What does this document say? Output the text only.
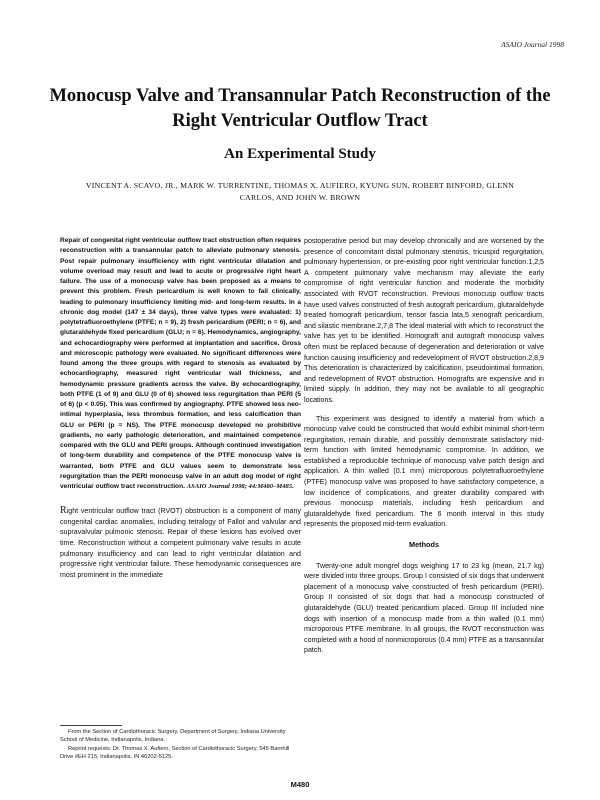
ASAIO Journal 1998
Monocusp Valve and Transannular Patch Reconstruction of the Right Ventricular Outflow Tract
An Experimental Study
VINCENT A. SCAVO, JR., MARK W. TURRENTINE, THOMAS X. AUFIERO, KYUNG SUN, ROBERT BINFORD, GLENN CARLOS, AND JOHN W. BROWN

Repair of congenital right ventricular outflow tract obstruction often requires reconstruction with a transannular patch to alleviate pulmonary stenosis. Post repair pulmonary insufficiency with right ventricular dilatation and volume overload may result and lead to acute or progressive right heart failure. The use of a monocusp valve has been proposed as a means to prevent this problem. Fresh pericardium is well known to fail clinically, leading to pulmonary insufficiency limiting mid- and long-term results. In a chronic dog model (147 ± 34 days), three valve types were evaluated: 1) polytetrafluoroethylene (PTFE; n = 9), 2) fresh pericardium (PERI; n = 6), and glutaraldehyde fixed pericardium (GLU; n = 6). Hemodynamics, angiography, and echocardiography were performed at implantation and sacrifice. Gross and microscopic pathology were evaluated. No significant differences were found among the three groups with regard to stenosis as evaluated by echocardiography, measured right ventricular wall thickness, and hemodynamic pressure gradients across the valve. By echocardiography, both PTFE (1 of 9) and GLU (0 of 6) showed less regurgitation than PERI (5 of 6) (p < 0.05). This was confirmed by angiography. PTFE showed less neo-intimal hyperplasia, less thrombus formation, and less calcification than GLU or PERI (p = NS). The PTFE monocusp developed no prohibitive gradients, no early pathologic deterioration, and maintained competence compared with the GLU and PERI groups. Although continued investigation of long-term durability and competence of the PTFE monocusp valve is warranted, both PTFE and GLU values seem to demonstrate less regurgitation than the PERI monocusp valve in an adult dog model of right ventricular outflow tract reconstruction. ASAIO Journal 1998; 44:M480–M485.

Right ventricular outflow tract (RVOT) obstruction is a component of many congenital cardiac anomalies, including tetralogy of Fallot and valvular and supravalvular pulmonic stenosis. Repair of these lesions has evolved over time. Reconstruction without a competent pulmonary valve results in acute pulmonary insufficiency and can lead to right ventricular dilatation and progressive right ventricular failure. These hemodynamic consequences are most prominent in the immediate

postoperative period but may develop chronically and are worsened by the presence of concomitant distal pulmonary stenosis, tricuspid regurgitation, pulmonary hypertension, or pre-existing poor right ventricular function.1,2,5 A competent pulmonary valve mechanism may alleviate the early compromise of right ventricular function and moderate the morbidity associated with RVOT reconstruction. Previous monocusp outflow tracts have used valves constructed of fresh autograft pericardium, glutaraldehyde treated homograft pericardium, tensor fascia lata,5 xenograft pericardium, and silastic membrane.2,7,8 The ideal material with which to reconstruct the valve has yet to be identified. Homograft and autograft monocusp valves often must be replaced because of degeneration and deterioration or valve function causing insufficiency and redevelopment of RVOT obstruction.2,8,9 This deterioration is characterized by calcification, pseudointimal formation, and redevelopment of RVOT obstruction. Homografts are expensive and in limited supply. In addition, they may not be available to all geographic locations.

This experiment was designed to identify a material from which a monocusp valve could be constructed that would exhibit minimal short-term regurgitation, remain durable, and possibly demonstrate satisfactory mid-term function with limited hemodynamic compromise. In addition, we established a reproducible technique of monocusp valve patch design and application. A thin walled (0.1 mm) microporous polytetrafluoroethylene (PTFE) monocusp valve was proposed to have satisfactory competence, a low incidence of complications, and greater durability compared with previous monocusp materials, including fresh pericardium and glutaraldehyde fixed pericardium. The 6 month interval in this study represents the proposed mid-term evaluation.

Methods

Twenty-one adult mongrel dogs weighing 17 to 23 kg (mean, 21.7 kg) were divided into three groups. Group I consisted of six dogs that underwent placement of a monocusp valve constructed of fresh pericardium (PERI). Group II consisted of six dogs that had a monocusp constructed of glutaraldehyde (GLU) treated pericardium placed. Group III included nine dogs with insertion of a monocusp made from a thin walled (0.1 mm) microporous PTFE membrane. In all groups, the RVOT reconstruction was completed with a hood of nonmicroporous (0.4 mm) PTFE as a transannular patch.

From the Section of Cardiothoracic Surgery, Department of Surgery, Indiana University School of Medicine, Indianapolis, Indiana.

Reprint requests: Dr. Thomas X. Aufiero, Section of Cardiothoracic Surgery, 545 Barnhill Drive #EH 215, Indianapolis, IN 46202-5125.

M480
